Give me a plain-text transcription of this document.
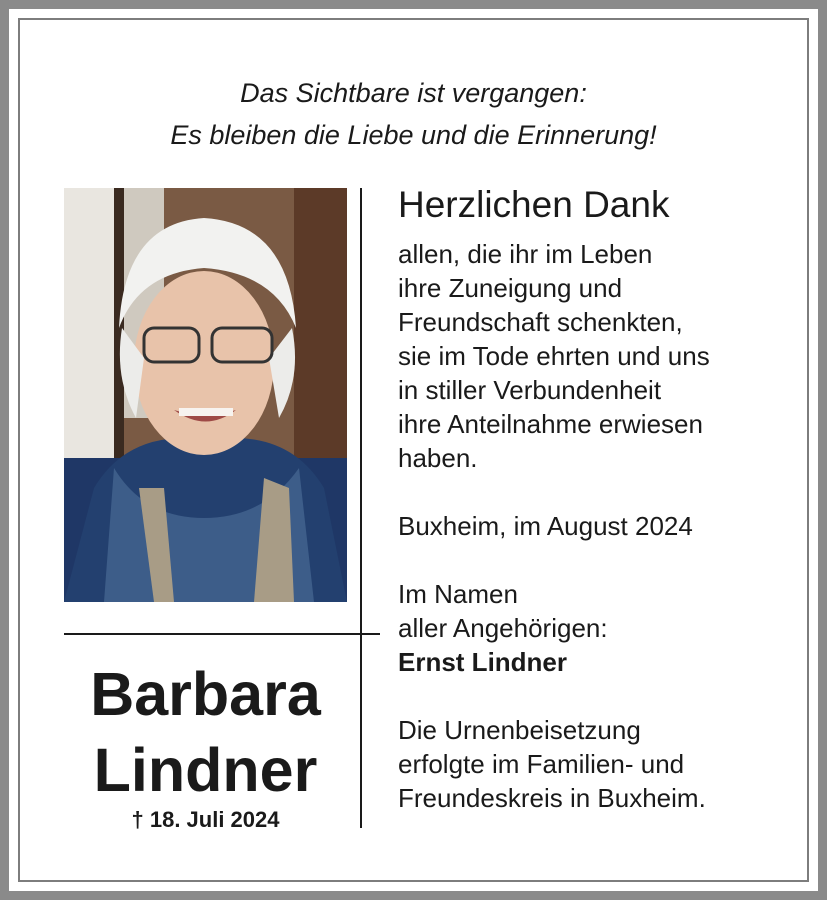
Das Sichtbare ist vergangen:
Es bleiben die Liebe und die Erinnerung!
Barbara
Lindner
† 18. Juli 2024
Herzlichen Dank
allen, die ihr im Leben
ihre Zuneigung und
Freundschaft schenkten,
sie im Tode ehrten und uns
in stiller Verbundenheit
ihre Anteilnahme erwiesen
haben.
Buxheim, im August 2024
Im Namen
aller Angehörigen:
Ernst Lindner
Die Urnenbeisetzung
erfolgte im Familien- und
Freundeskreis in Buxheim.
